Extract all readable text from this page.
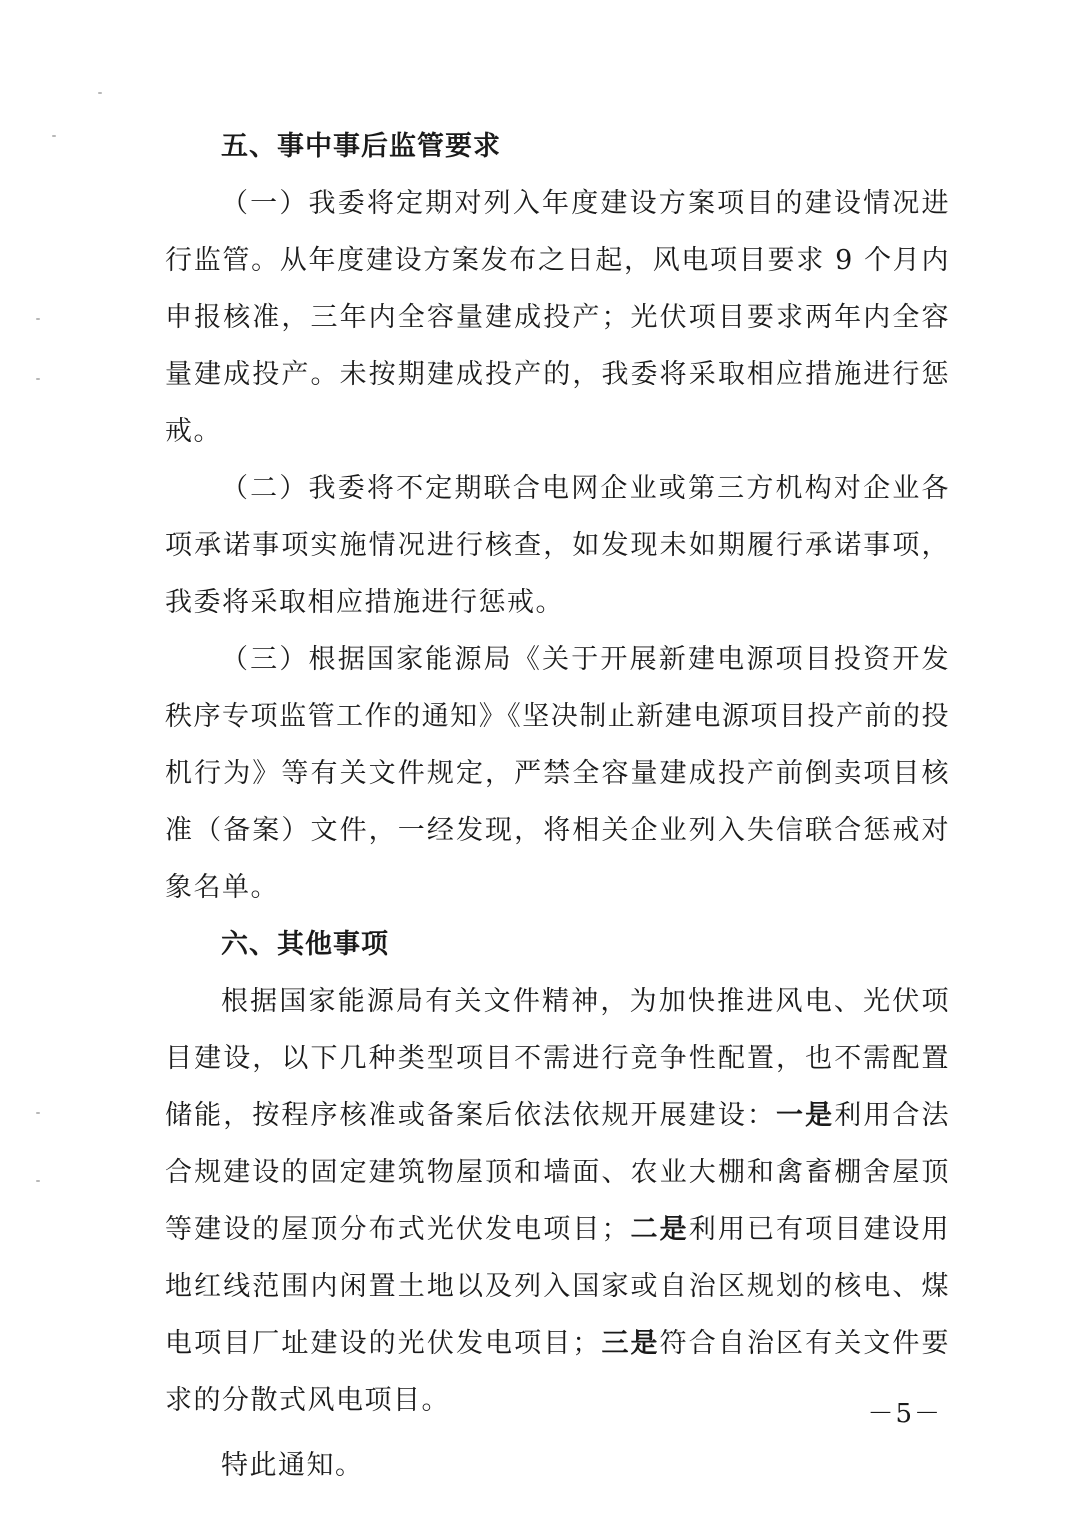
五、事中事后监管要求

（一）我委将定期对列入年度建设方案项目的建设情况进行监管。从年度建设方案发布之日起，风电项目要求 9 个月内申报核准，三年内全容量建成投产；光伏项目要求两年内全容量建成投产。未按期建成投产的，我委将采取相应措施进行惩戒。

（二）我委将不定期联合电网企业或第三方机构对企业各项承诺事项实施情况进行核查，如发现未如期履行承诺事项，我委将采取相应措施进行惩戒。

（三）根据国家能源局《关于开展新建电源项目投资开发秩序专项监管工作的通知》《坚决制止新建电源项目投产前的投机行为》等有关文件规定，严禁全容量建成投产前倒卖项目核准（备案）文件，一经发现，将相关企业列入失信联合惩戒对象名单。

六、其他事项

根据国家能源局有关文件精神，为加快推进风电、光伏项目建设，以下几种类型项目不需进行竞争性配置，也不需配置储能，按程序核准或备案后依法依规开展建设：一是利用合法合规建设的固定建筑物屋顶和墙面、农业大棚和禽畜棚舍屋顶等建设的屋顶分布式光伏发电项目；二是利用已有项目建设用地红线范围内闲置土地以及列入国家或自治区规划的核电、煤电项目厂址建设的光伏发电项目；三是符合自治区有关文件要求的分散式风电项目。

特此通知。

－5－
